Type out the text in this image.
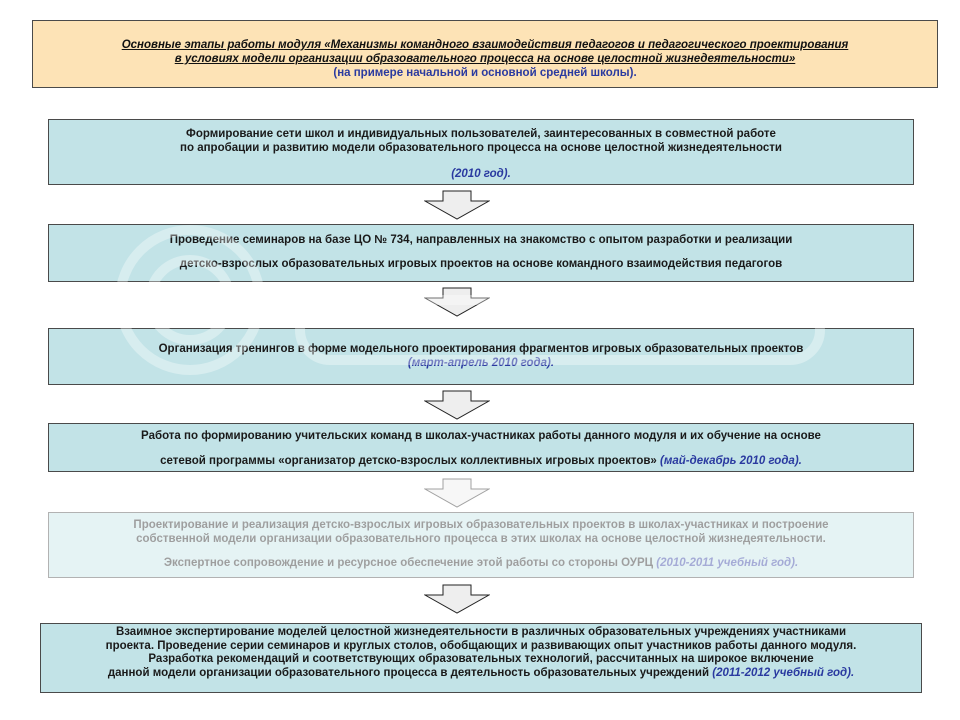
Основные этапы работы модуля «Механизмы командного взаимодействия педагогов и педагогического проектирования
в условиях модели организации образовательного процесса на основе целостной жизнедеятельности»
(на примере начальной и основной средней школы).
Формирование сети школ и индивидуальных пользователей, заинтересованных в совместной работе
по апробации и развитию модели образовательного процесса на основе целостной жизнедеятельности
(2010 год).
Проведение семинаров на базе ЦО № 734, направленных на знакомство с опытом разработки и реализации
детско-взрослых образовательных игровых проектов на основе командного взаимодействия педагогов
Организация тренингов в форме модельного проектирования фрагментов игровых образовательных проектов
(март-апрель 2010 года).
Работа по формированию учительских команд в школах-участниках работы данного модуля и их обучение на основе
сетевой программы «организатор детско-взрослых коллективных игровых проектов» (май-декабрь 2010 года).
Проектирование и реализация детско-взрослых игровых образовательных проектов в школах-участниках и построение
собственной модели организации образовательного процесса в этих школах на основе целостной жизнедеятельности.
Экспертное сопровождение и ресурсное обеспечение этой работы со стороны ОУРЦ (2010-2011 учебный год).
Взаимное экспертирование моделей целостной жизнедеятельности в различных образовательных учреждениях участниками
проекта. Проведение серии семинаров и круглых столов, обобщающих и развивающих опыт участников работы данного модуля.
Разработка рекомендаций и соответствующих образовательных технологий, рассчитанных на широкое включение
данной модели организации образовательного процесса в деятельность образовательных учреждений (2011-2012 учебный год).
